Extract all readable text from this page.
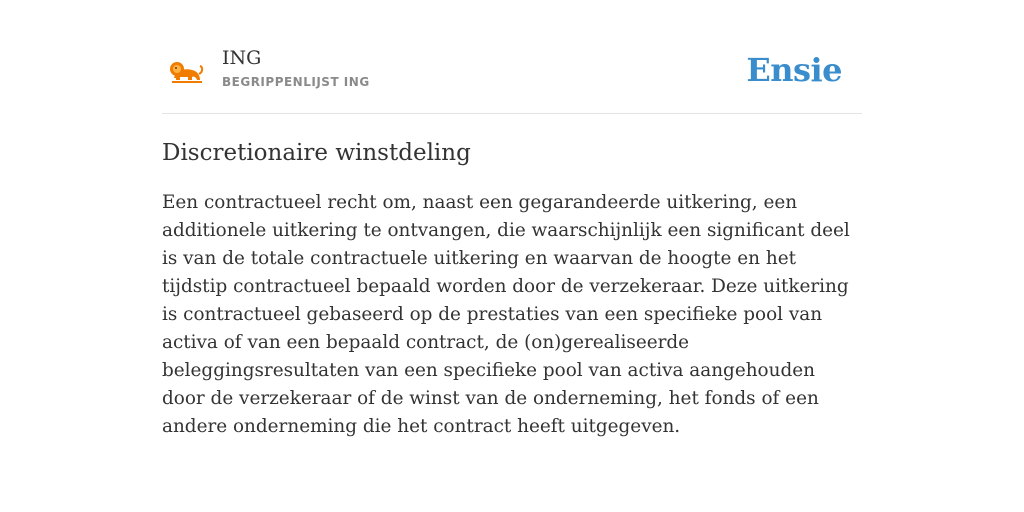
ING
BEGRIPPENLIJST ING	Ensie
Discretionaire winstdeling

Een contractueel recht om, naast een gegarandeerde uitkering, een additionele uitkering te ontvangen, die waarschijnlijk een significant deel is van de totale contractuele uitkering en waarvan de hoogte en het tijdstip contractueel bepaald worden door de verzekeraar. Deze uitkering is contractueel gebaseerd op de prestaties van een specifieke pool van activa of van een bepaald contract, de (on)gerealiseerde beleggingsresultaten van een specifieke pool van activa aangehouden door de verzekeraar of de winst van de onderneming, het fonds of een andere onderneming die het contract heeft uitgegeven.
